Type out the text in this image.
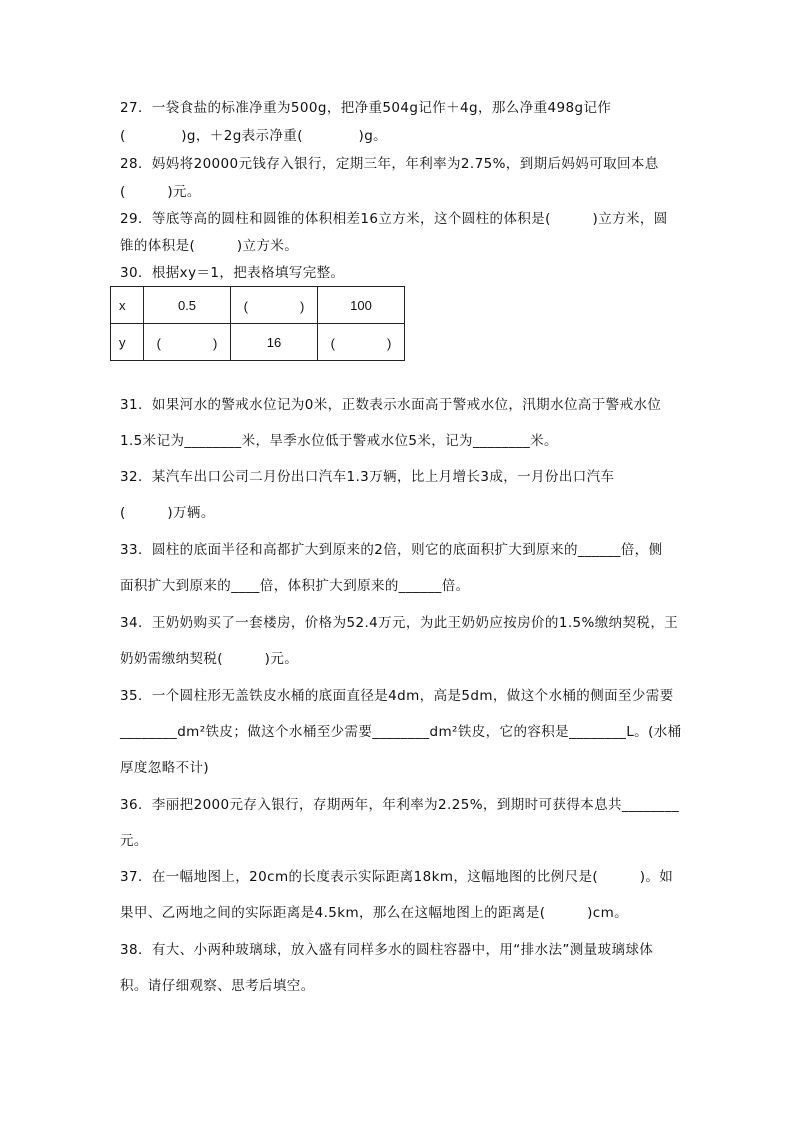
27．一袋食盐的标准净重为500g，把净重504g记作＋4g，那么净重498g记作
(　　　　)g，＋2g表示净重(　　　　)g。
28．妈妈将20000元钱存入银行，定期三年，年利率为2.75%，到期后妈妈可取回本息
(　　　)元。
29．等底等高的圆柱和圆锥的体积相差16立方米，这个圆柱的体积是(　　　)立方米，圆
锥的体积是(　　　)立方米。
30．根据xy＝1，把表格填写完整。
x	0.5	(　　　　)	100
y	(　　　　)	16	(　　　　)
31．如果河水的警戒水位记为0米，正数表示水面高于警戒水位，汛期水位高于警戒水位
1.5米记为________米，旱季水位低于警戒水位5米，记为________米。
32．某汽车出口公司二月份出口汽车1.3万辆，比上月增长3成，一月份出口汽车
(　　　)万辆。
33．圆柱的底面半径和高都扩大到原来的2倍，则它的底面积扩大到原来的______倍，侧
面积扩大到原来的____倍，体积扩大到原来的______倍。
34．王奶奶购买了一套楼房，价格为52.4万元，为此王奶奶应按房价的1.5%缴纳契税，王
奶奶需缴纳契税(　　　)元。
35．一个圆柱形无盖铁皮水桶的底面直径是4dm，高是5dm，做这个水桶的侧面至少需要
________dm²铁皮；做这个水桶至少需要________dm²铁皮，它的容积是________L。(水桶
厚度忽略不计)
36．李丽把2000元存入银行，存期两年，年利率为2.25%，到期时可获得本息共________
元。
37．在一幅地图上，20cm的长度表示实际距离18km，这幅地图的比例尺是(　　　)。如
果甲、乙两地之间的实际距离是4.5km，那么在这幅地图上的距离是(　　　)cm。
38．有大、小两种玻璃球，放入盛有同样多水的圆柱容器中，用“排水法”测量玻璃球体
积。请仔细观察、思考后填空。
